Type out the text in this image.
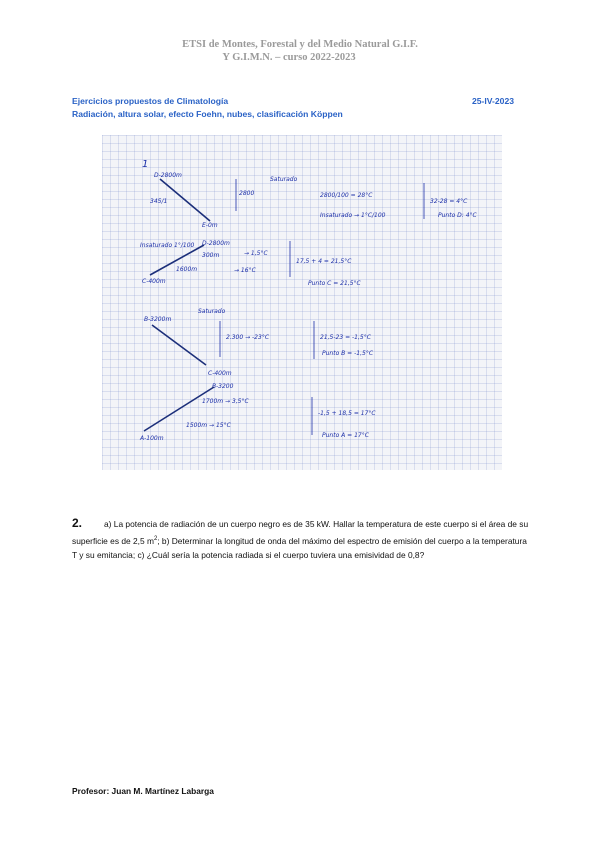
ETSI de Montes, Forestal y del Medio Natural G.I.F.

Y G.I.M.N. – curso 2022-2023
Ejercicios propuestos de Climatología	25-IV-2023
Radiación, altura solar, efecto Foehn, nubes, clasificación Köppen
1
D-2800m
345/1
E-0m
2800
Saturado
2800/100 = 28°C
Insaturado → 1°C/100
32-28 = 4°C
Punto D: 4°C
Insaturado 1°/100 D-2800m
300m
1600m
C-400m
→ 1,5°C
→ 16°C
17,5 + 4 = 21,5°C
Punto C = 21,5°C
B-3200m
Saturado
2.300 → -23°C	21,5-23 = -1,5°C
Punto B = -1,5°C
C-400m
B-3200
1700m → 3,5°C
1500m → 15°C
A-100m
-1,5 + 18,5 = 17°C
Punto A = 17°C
2.	a) La potencia de radiación de un cuerpo negro es de 35 kW. Hallar la temperatura de este cuerpo si el área de su superficie es de 2,5 $m^2$; b) Determinar la longitud de onda del máximo del espectro de emisión del cuerpo a la temperatura T y su emitancia; c) ¿Cuál sería la potencia radiada si el cuerpo tuviera una emisividad de 0,8?
Profesor: Juan M. Martínez Labarga
